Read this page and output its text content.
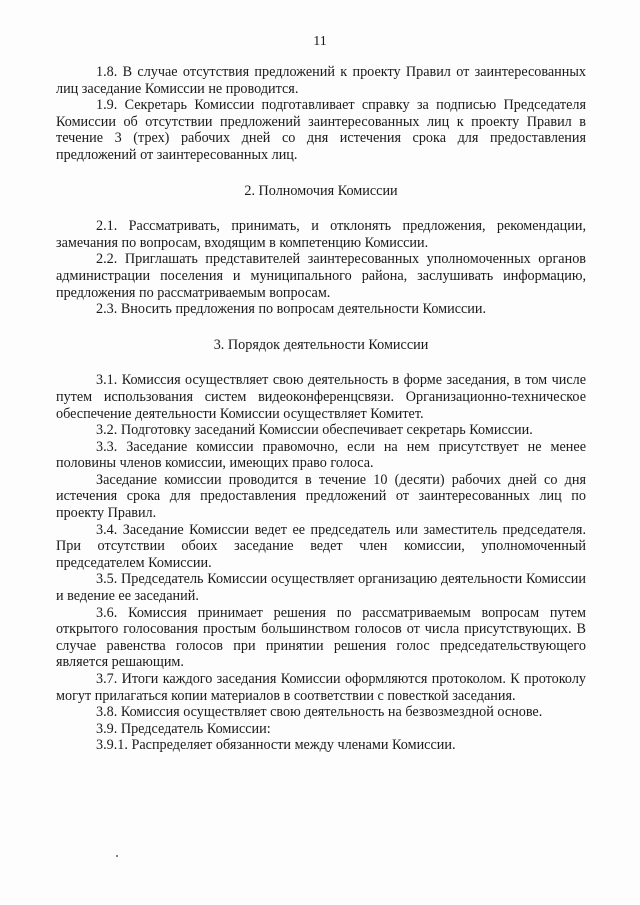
11

1.8. В случае отсутствия предложений к проекту Правил от заинтересованных лиц заседание Комиссии не проводится.

1.9. Секретарь Комиссии подготавливает справку за подписью Председателя Комиссии об отсутствии предложений заинтересованных лиц к проекту Правил в течение 3 (трех) рабочих дней со дня истечения срока для предоставления предложений от заинтересованных лиц.

2. Полномочия Комиссии

2.1. Рассматривать, принимать, и отклонять предложения, рекомендации, замечания по вопросам, входящим в компетенцию Комиссии.

2.2. Приглашать представителей заинтересованных уполномоченных органов администрации поселения и муниципального района, заслушивать информацию, предложения по рассматриваемым вопросам.

2.3. Вносить предложения по вопросам деятельности Комиссии.

3. Порядок деятельности Комиссии

3.1. Комиссия осуществляет свою деятельность в форме заседания, в том числе путем использования систем видеоконференцсвязи. Организационно-техническое обеспечение деятельности Комиссии осуществляет Комитет.

3.2. Подготовку заседаний Комиссии обеспечивает секретарь Комиссии.

3.3. Заседание комиссии правомочно, если на нем присутствует не менее половины членов комиссии, имеющих право голоса.

Заседание комиссии проводится в течение 10 (десяти) рабочих дней со дня истечения срока для предоставления предложений от заинтересованных лиц по проекту Правил.

3.4. Заседание Комиссии ведет ее председатель или заместитель председателя. При отсутствии обоих заседание ведет член комиссии, уполномоченный председателем Комиссии.

3.5. Председатель Комиссии осуществляет организацию деятельности Комиссии и ведение ее заседаний.

3.6. Комиссия принимает решения по рассматриваемым вопросам путем открытого голосования простым большинством голосов от числа присутствующих. В случае равенства голосов при принятии решения голос председательствующего является решающим.

3.7. Итоги каждого заседания Комиссии оформляются протоколом. К протоколу могут прилагаться копии материалов в соответствии с повесткой заседания.

3.8. Комиссия осуществляет свою деятельность на безвозмездной основе.

3.9. Председатель Комиссии:

3.9.1. Распределяет обязанности между членами Комиссии.
